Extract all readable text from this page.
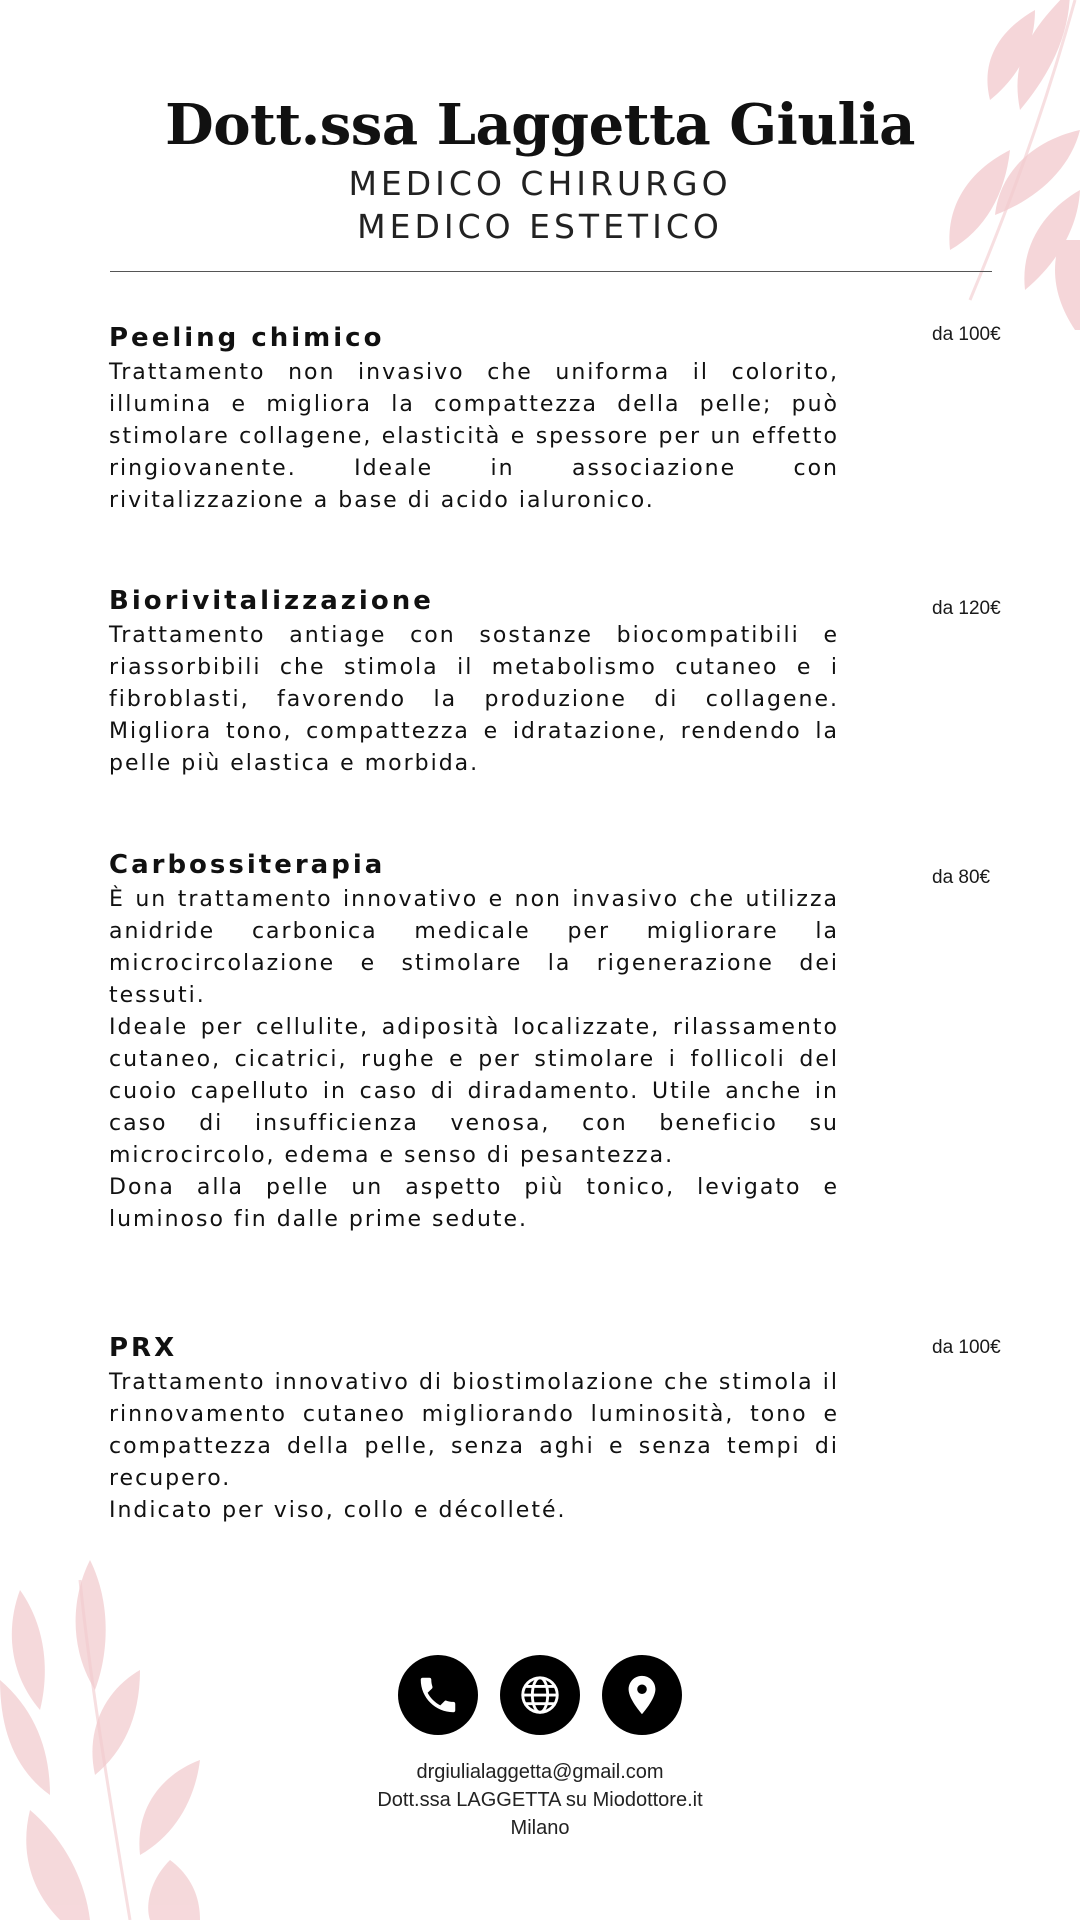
Dott.ssa Laggetta Giulia
MEDICO CHIRURGO
MEDICO ESTETICO
Peeling chimico

Trattamento non invasivo che uniforma il colorito, illumina e migliora la compattezza della pelle; può stimolare collagene, elasticità e spessore per un effetto ringiovanente. Ideale in associazione con rivitalizzazione a base di acido ialuronico.

da 100€
Biorivitalizzazione

Trattamento antiage con sostanze biocompatibili e riassorbibili che stimola il metabolismo cutaneo e i fibroblasti, favorendo la produzione di collagene. Migliora tono, compattezza e idratazione, rendendo la pelle più elastica e morbida.

da 120€
Carbossiterapia

È un trattamento innovativo e non invasivo che utilizza anidride carbonica medicale per migliorare la microcircolazione e stimolare la rigenerazione dei tessuti.

Ideale per cellulite, adiposità localizzate, rilassamento cutaneo, cicatrici, rughe e per stimolare i follicoli del cuoio capelluto in caso di diradamento. Utile anche in caso di insufficienza venosa, con beneficio su microcircolo, edema e senso di pesantezza.

Dona alla pelle un aspetto più tonico, levigato e luminoso fin dalle prime sedute.

da 80€
PRX

Trattamento innovativo di biostimolazione che stimola il rinnovamento cutaneo migliorando luminosità, tono e compattezza della pelle, senza aghi e senza tempi di recupero.

Indicato per viso, collo e décolleté.

da 100€
drgiulialaggetta@gmail.com
Dott.ssa LAGGETTA su Miodottore.it
Milano
